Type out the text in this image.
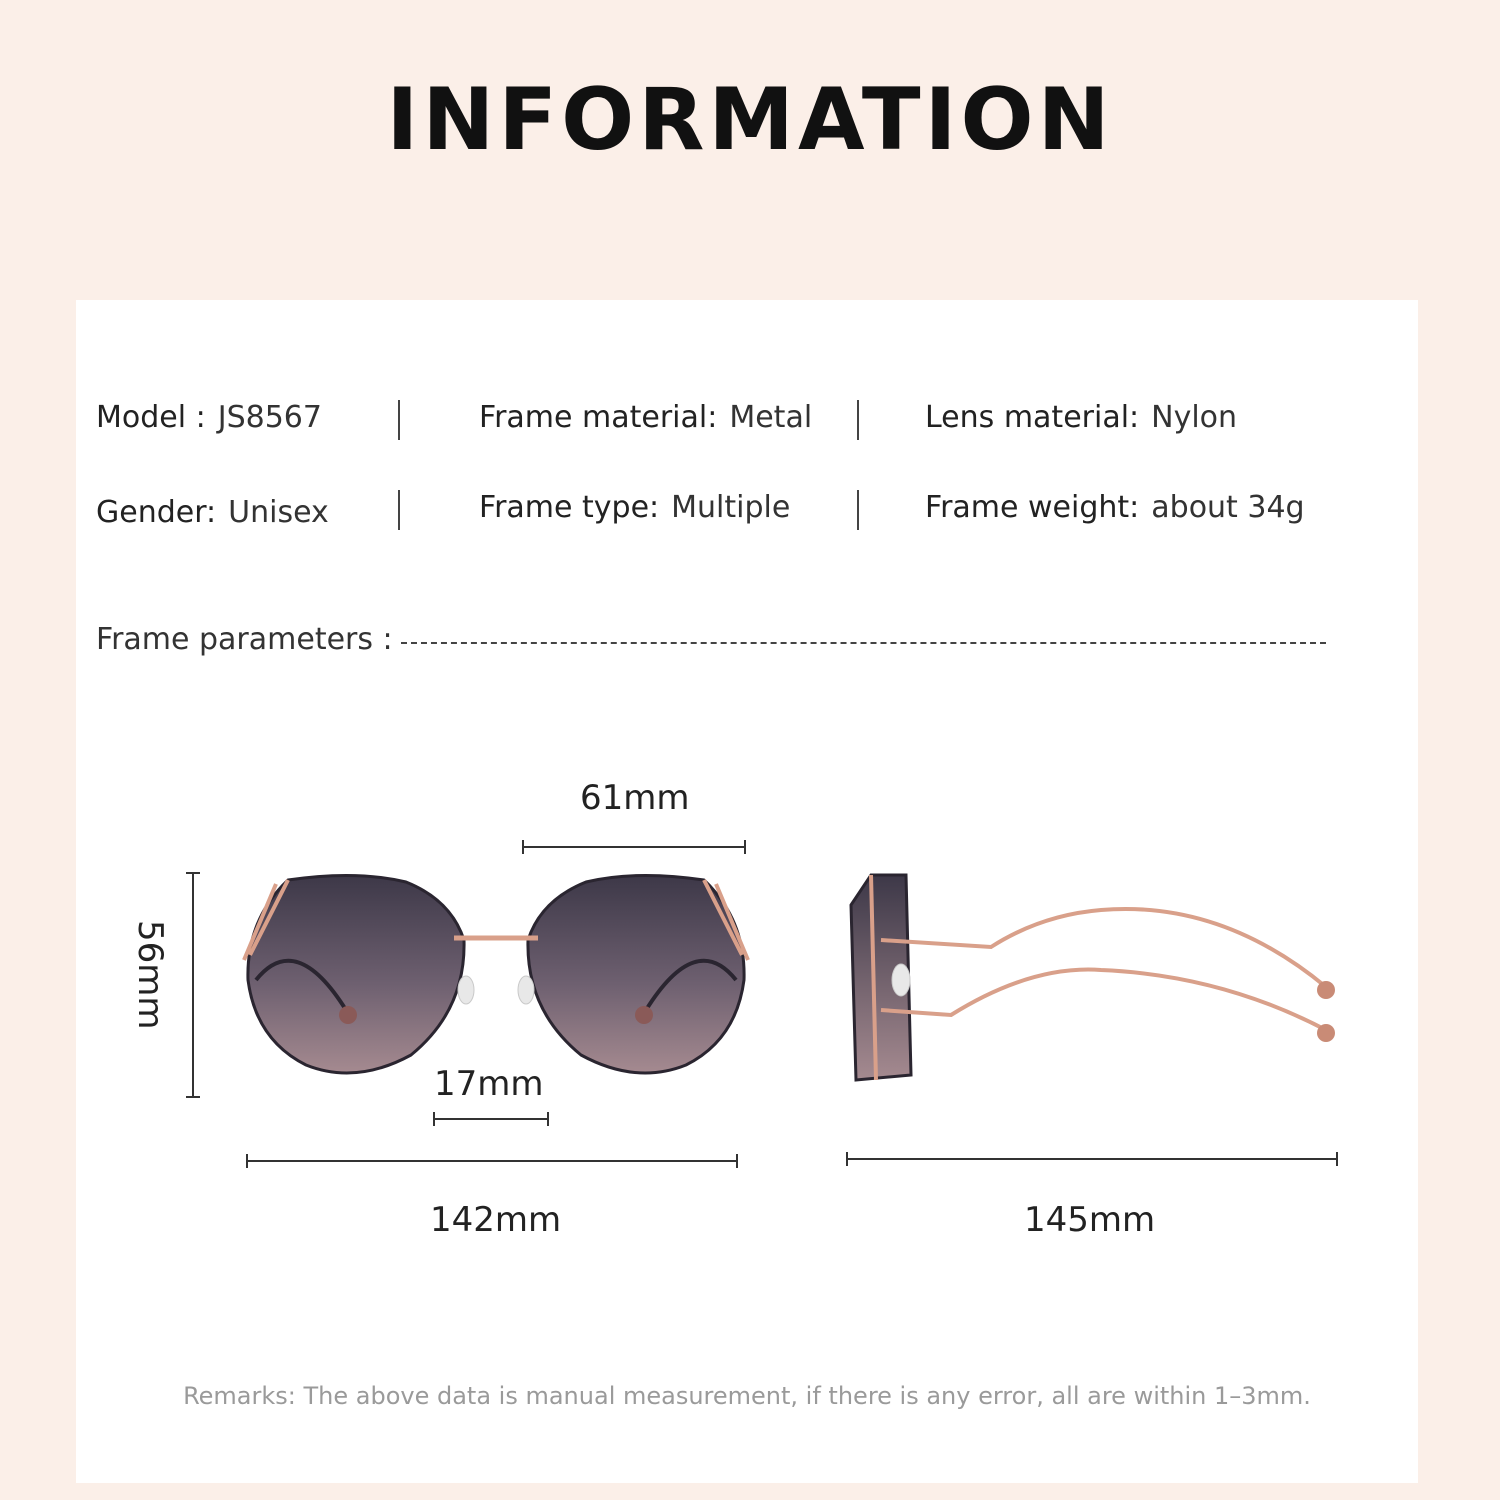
INFORMATION
Model : JS8567	Frame material: Metal	Lens material: Nylon
Gender: Unisex	Frame type: Multiple	Frame weight: about 34g
Frame parameters :
61mm
56mm
17mm
142mm	145mm
Remarks: The above data is manual measurement, if there is any error, all are within 1–3mm.
